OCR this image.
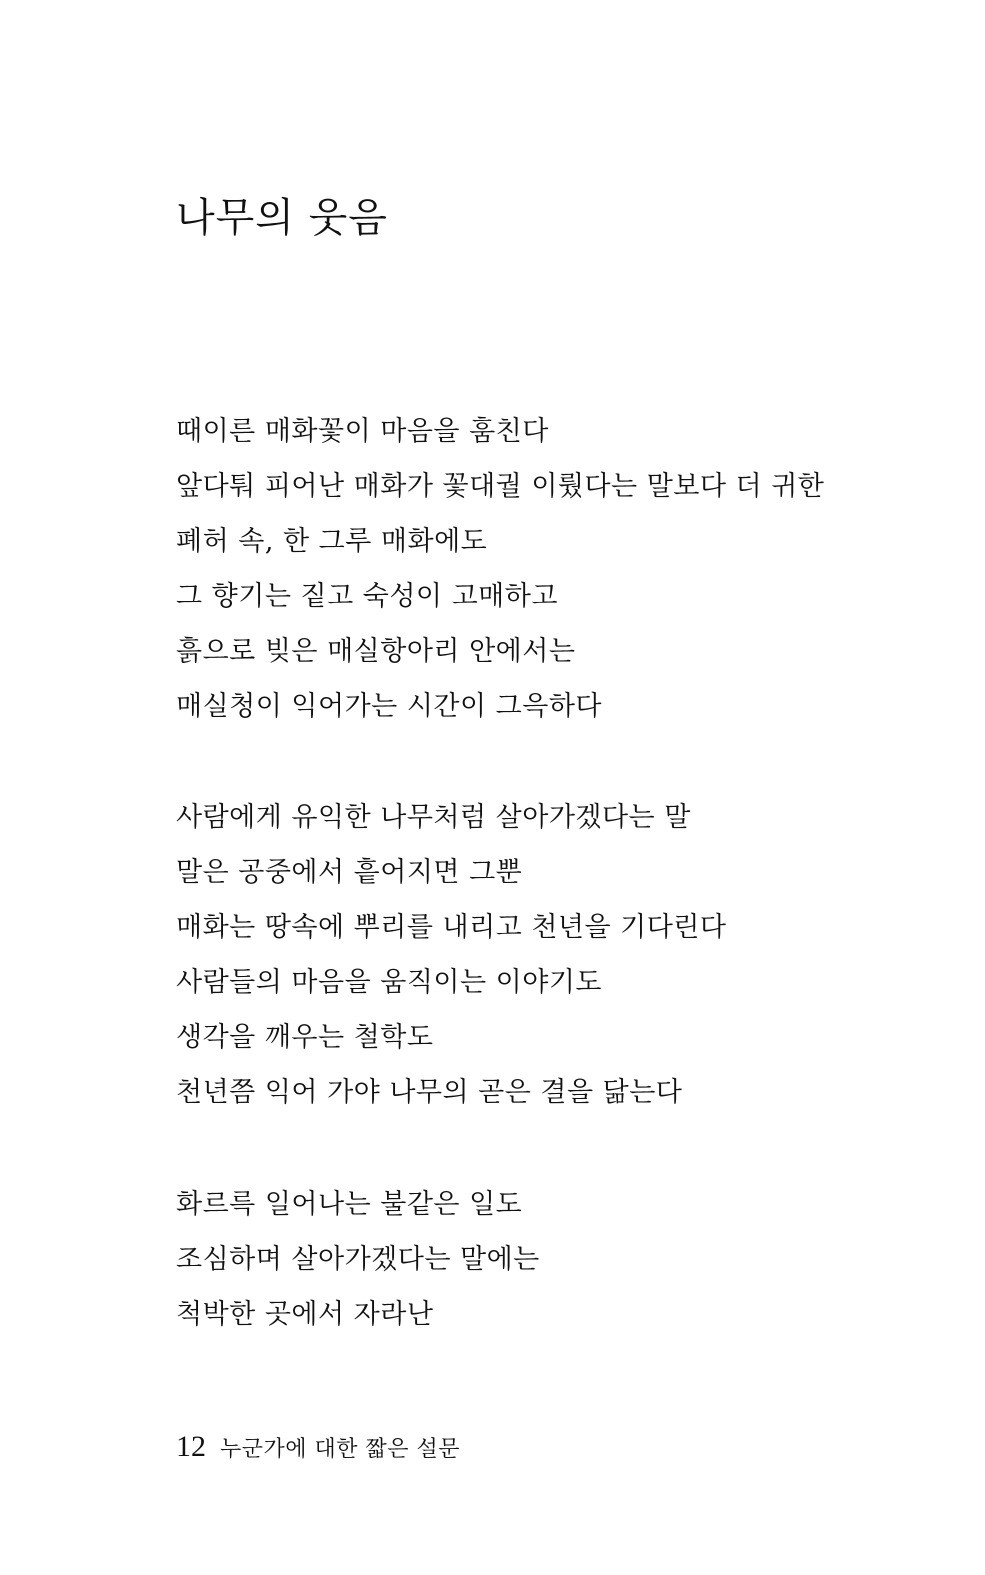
나무의 웃음
때이른 매화꽃이 마음을 훔친다
앞다퉈 피어난 매화가 꽃대궐 이뤘다는 말보다 더 귀한
폐허 속, 한 그루 매화에도
그 향기는 짙고 숙성이 고매하고
흙으로 빚은 매실항아리 안에서는
매실청이 익어가는 시간이 그윽하다
사람에게 유익한 나무처럼 살아가겠다는 말
말은 공중에서 흩어지면 그뿐
매화는 땅속에 뿌리를 내리고 천년을 기다린다
사람들의 마음을 움직이는 이야기도
생각을 깨우는 철학도
천년쯤 익어 가야 나무의 곧은 결을 닮는다
화르륵 일어나는 불같은 일도
조심하며 살아가겠다는 말에는
척박한 곳에서 자라난
12 누군가에 대한 짧은 설문
